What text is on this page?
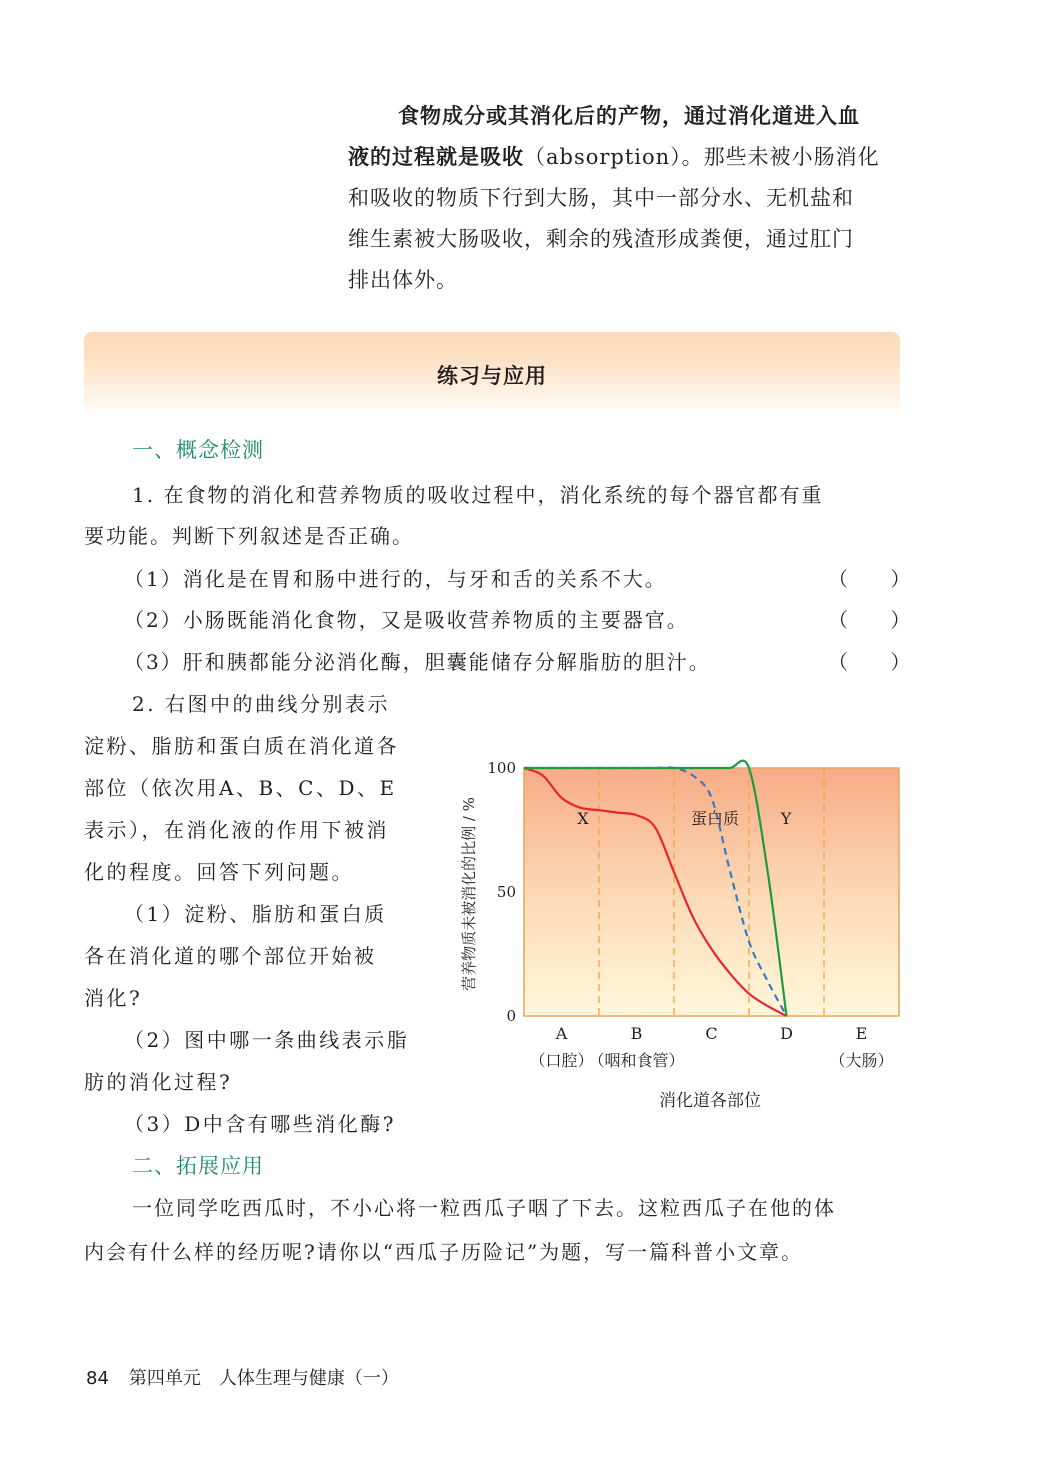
食物成分或其消化后的产物，通过消化道进入血

液的过程就是吸收（absorption）。那些未被小肠消化

和吸收的物质下行到大肠，其中一部分水、无机盐和

维生素被大肠吸收，剩余的残渣形成粪便，通过肛门

排出体外。

练习与应用
一、概念检测
1. 在食物的消化和营养物质的吸收过程中，消化系统的每个器官都有重
要功能。判断下列叙述是否正确。
（1）消化是在胃和肠中进行的，与牙和舌的关系不大。	（ ）
（2）小肠既能消化食物，又是吸收营养物质的主要器官。	（ ）
（3）肝和胰都能分泌消化酶，胆囊能储存分解脂肪的胆汁。	（ ）
2. 右图中的曲线分别表示
淀粉、脂肪和蛋白质在消化道各
部位（依次用A、B、C、D、E
表示），在消化液的作用下被消
化的程度。回答下列问题。
（1）淀粉、脂肪和蛋白质
各在消化道的哪个部位开始被
消化?
（2）图中哪一条曲线表示脂
肪的消化过程?
（3）D中含有哪些消化酶?
0
50
100
A
（口腔）
B
（咽和食管）
C	D	E
（大肠）
营养物质未被消化的比例 / %
消化道各部位
X	蛋白质	Y
二、拓展应用
一位同学吃西瓜时，不小心将一粒西瓜子咽了下去。这粒西瓜子在他的体
内会有什么样的经历呢?请你以“西瓜子历险记”为题，写一篇科普小文章。
84 第四单元　人体生理与健康（一）
